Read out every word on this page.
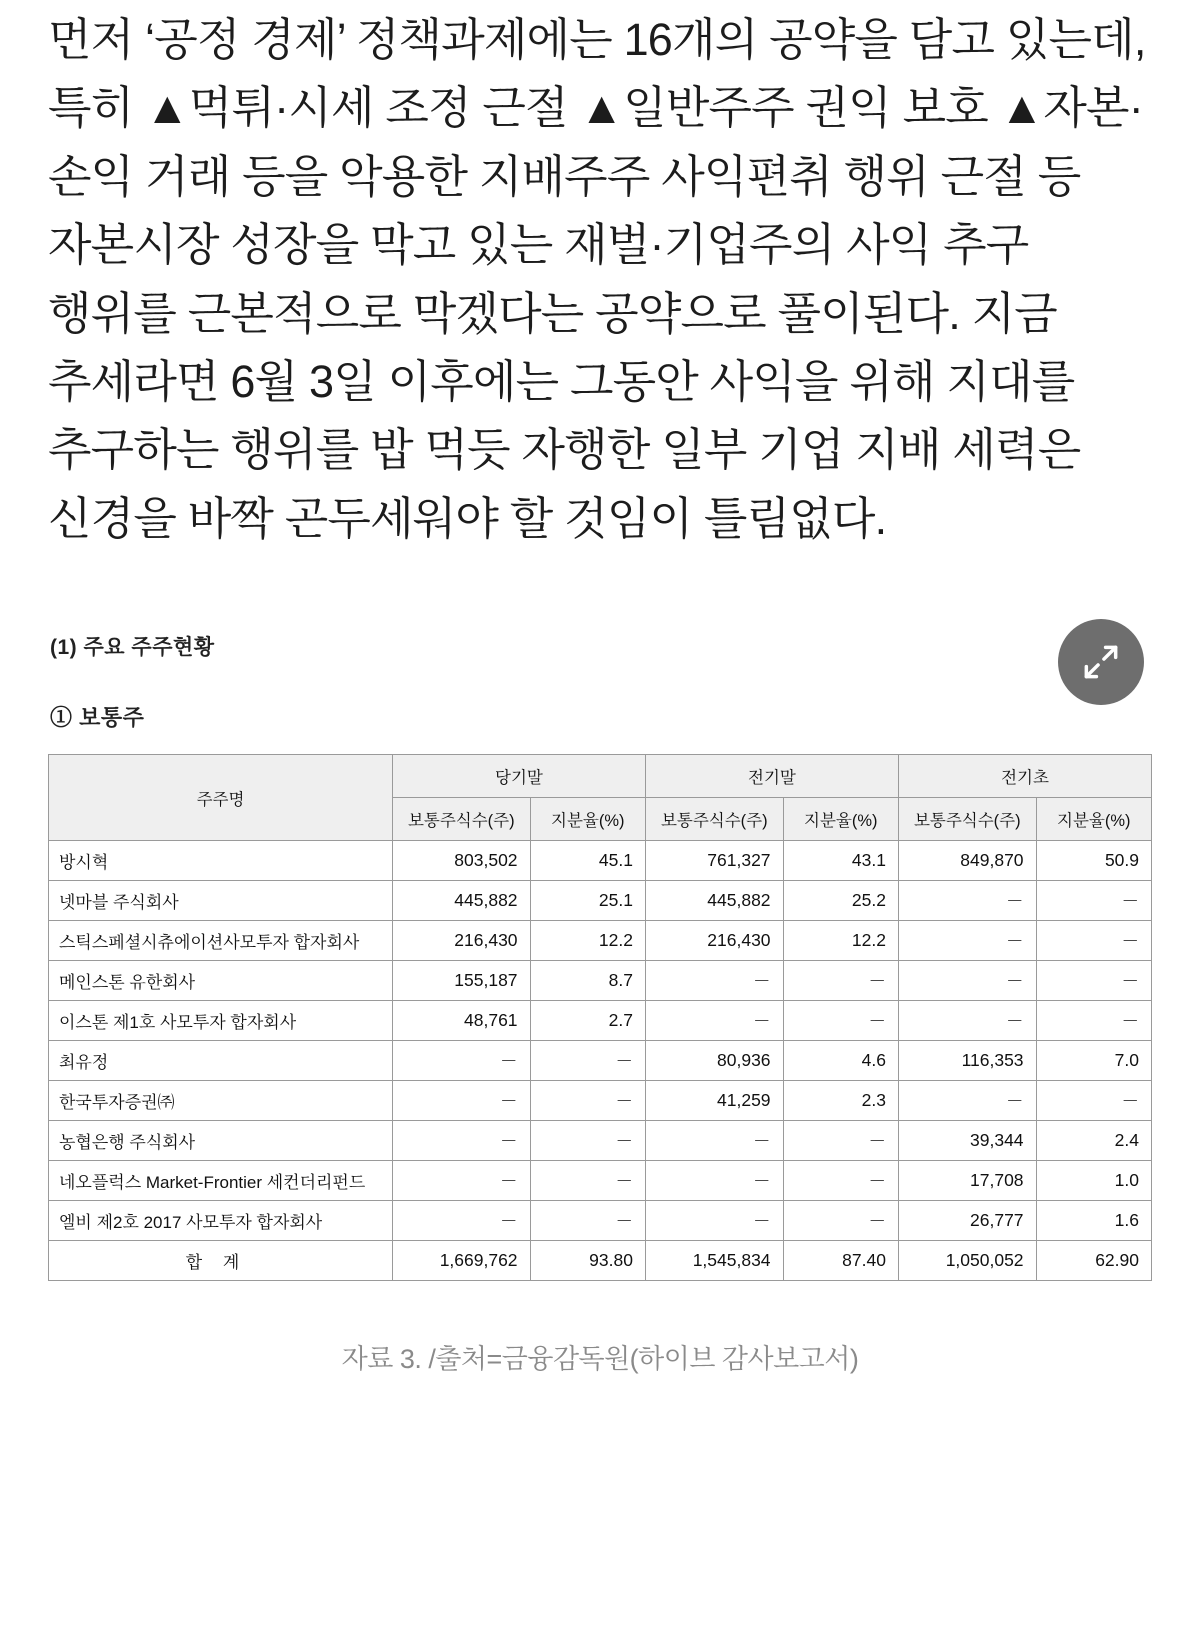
먼저 ‘공정 경제’ 정책과제에는 16개의 공약을 담고 있는데, 특히 ▲먹튀·시세 조정 근절 ▲일반주주 권익 보호 ▲자본·손익 거래 등을 악용한 지배주주 사익편취 행위 근절 등 자본시장 성장을 막고 있는 재벌·기업주의 사익 추구 행위를 근본적으로 막겠다는 공약으로 풀이된다. 지금 추세라면 6월 3일 이후에는 그동안 사익을 위해 지대를 추구하는 행위를 밥 먹듯 자행한 일부 기업 지배 세력은 신경을 바짝 곤두세워야 할 것임이 틀림없다.

(1) 주요 주주현황
① 보통주
주주명	당기말		전기말		전기초	
	보통주식수(주)	지분율(%)	보통주식수(주)	지분율(%)	보통주식수(주)	지분율(%)
방시혁	803,502	45.1	761,327	43.1	849,870	50.9
넷마블 주식회사	445,882	25.1	445,882	25.2	－	－
스틱스페셜시츄에이션사모투자 합자회사	216,430	12.2	216,430	12.2	－	－
메인스톤 유한회사	155,187	8.7	－	－	－	－
이스톤 제1호 사모투자 합자회사	48,761	2.7	－	－	－	－
최유정	－	－	80,936	4.6	116,353	7.0
한국투자증권㈜	－	－	41,259	2.3	－	－
농협은행 주식회사	－	－	－	－	39,344	2.4
네오플럭스 Market-Frontier 세컨더리펀드	－	－	－	－	17,708	1.0
엘비 제2호 2017 사모투자 합자회사	－	－	－	－	26,777	1.6
합 계	1,669,762	93.80	1,545,834	87.40	1,050,052	62.90
자료 3. /출처=금융감독원(하이브 감사보고서)
